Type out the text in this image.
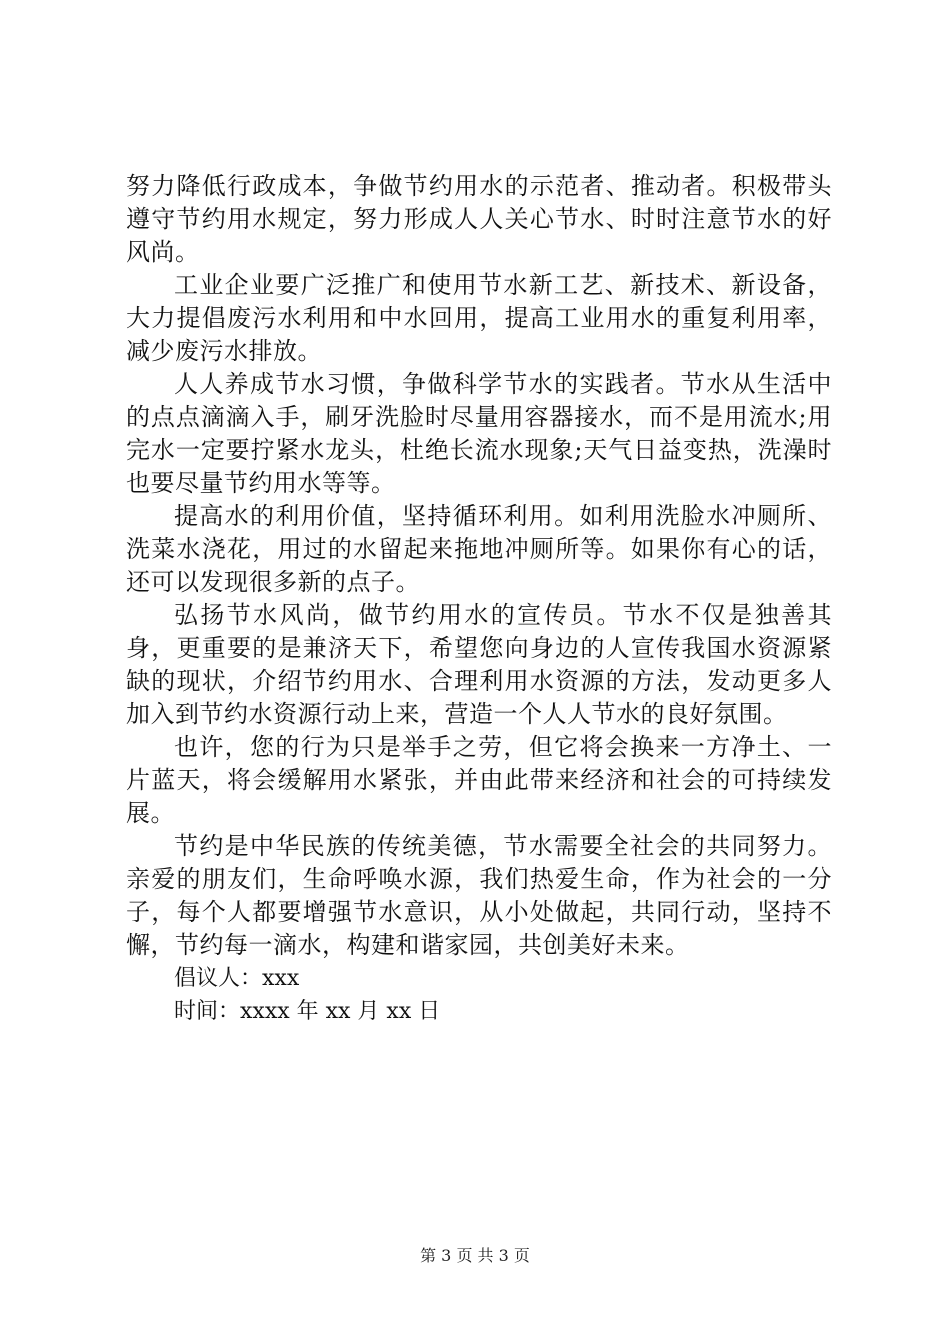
努力降低行政成本，争做节约用水的示范者、推动者。积极带头遵守节约用水规定，努力形成人人关心节水、时时注意节水的好风尚。

工业企业要广泛推广和使用节水新工艺、新技术、新设备，大力提倡废污水利用和中水回用，提高工业用水的重复利用率，减少废污水排放。

人人养成节水习惯，争做科学节水的实践者。节水从生活中的点点滴滴入手，刷牙洗脸时尽量用容器接水，而不是用流水;用完水一定要拧紧水龙头，杜绝长流水现象;天气日益变热，洗澡时也要尽量节约用水等等。

提高水的利用价值，坚持循环利用。如利用洗脸水冲厕所、洗菜水浇花，用过的水留起来拖地冲厕所等。如果你有心的话，还可以发现很多新的点子。

弘扬节水风尚，做节约用水的宣传员。节水不仅是独善其身，更重要的是兼济天下，希望您向身边的人宣传我国水资源紧缺的现状，介绍节约用水、合理利用水资源的方法，发动更多人加入到节约水资源行动上来，营造一个人人节水的良好氛围。

也许，您的行为只是举手之劳，但它将会换来一方净土、一片蓝天，将会缓解用水紧张，并由此带来经济和社会的可持续发展。

节约是中华民族的传统美德，节水需要全社会的共同努力。亲爱的朋友们，生命呼唤水源，我们热爱生命，作为社会的一分子，每个人都要增强节水意识，从小处做起，共同行动，坚持不懈，节约每一滴水，构建和谐家园，共创美好未来。

倡议人：xxx

时间：xxxx 年 xx 月 xx 日

第 3 页 共 3 页
